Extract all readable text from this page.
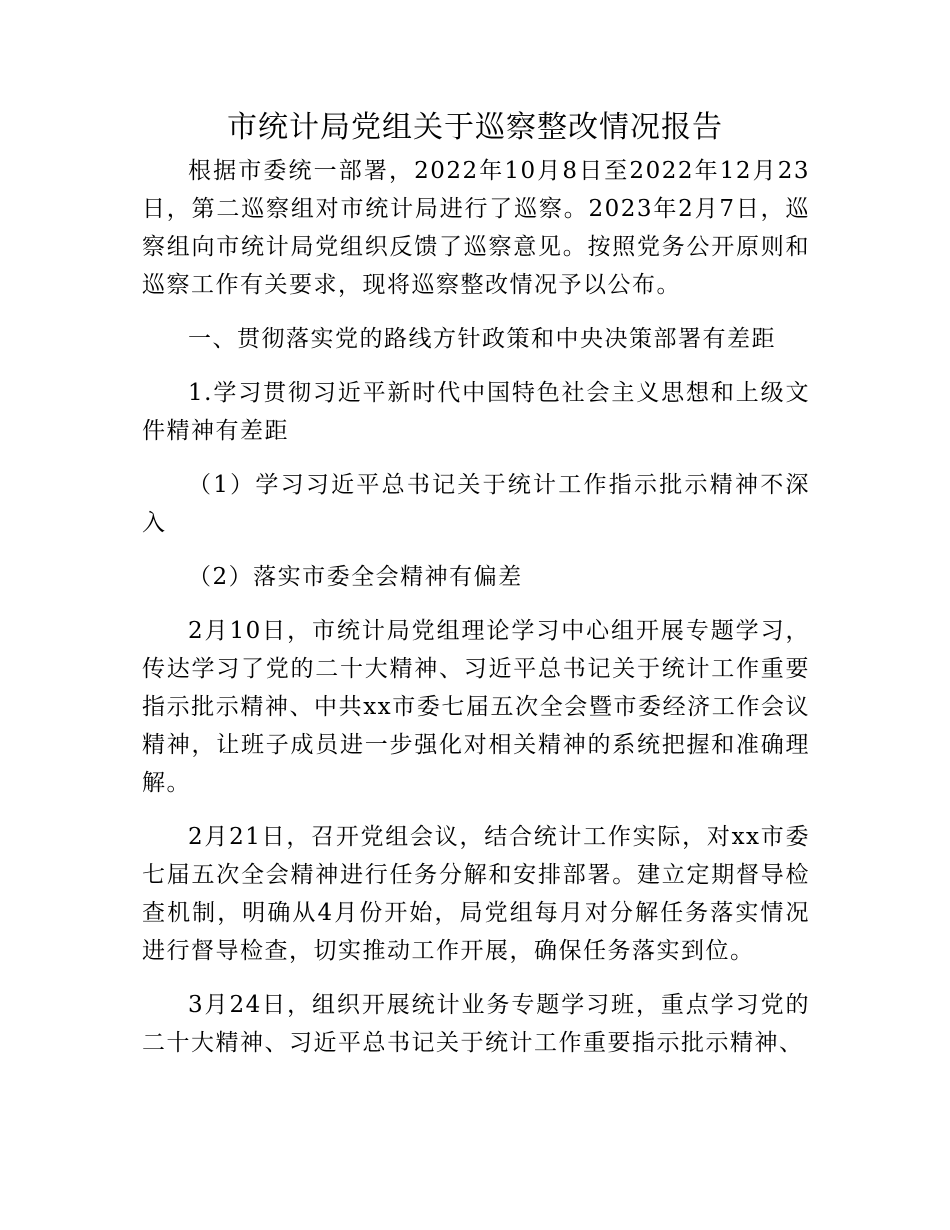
市统计局党组关于巡察整改情况报告

根据市委统一部署，2022年10月8日至2022年12月23日，第二巡察组对市统计局进行了巡察。2023年2月7日，巡察组向市统计局党组织反馈了巡察意见。按照党务公开原则和巡察工作有关要求，现将巡察整改情况予以公布。

一、贯彻落实党的路线方针政策和中央决策部署有差距

1.学习贯彻习近平新时代中国特色社会主义思想和上级文件精神有差距

（1）学习习近平总书记关于统计工作指示批示精神不深入

（2）落实市委全会精神有偏差

2月10日，市统计局党组理论学习中心组开展专题学习，传达学习了党的二十大精神、习近平总书记关于统计工作重要指示批示精神、中共xx市委七届五次全会暨市委经济工作会议精神，让班子成员进一步强化对相关精神的系统把握和准确理解。

2月21日，召开党组会议，结合统计工作实际，对xx市委七届五次全会精神进行任务分解和安排部署。建立定期督导检查机制，明确从4月份开始，局党组每月对分解任务落实情况进行督导检查，切实推动工作开展，确保任务落实到位。

3月24日，组织开展统计业务专题学习班，重点学习党的二十大精神、习近平总书记关于统计工作重要指示批示精神、
